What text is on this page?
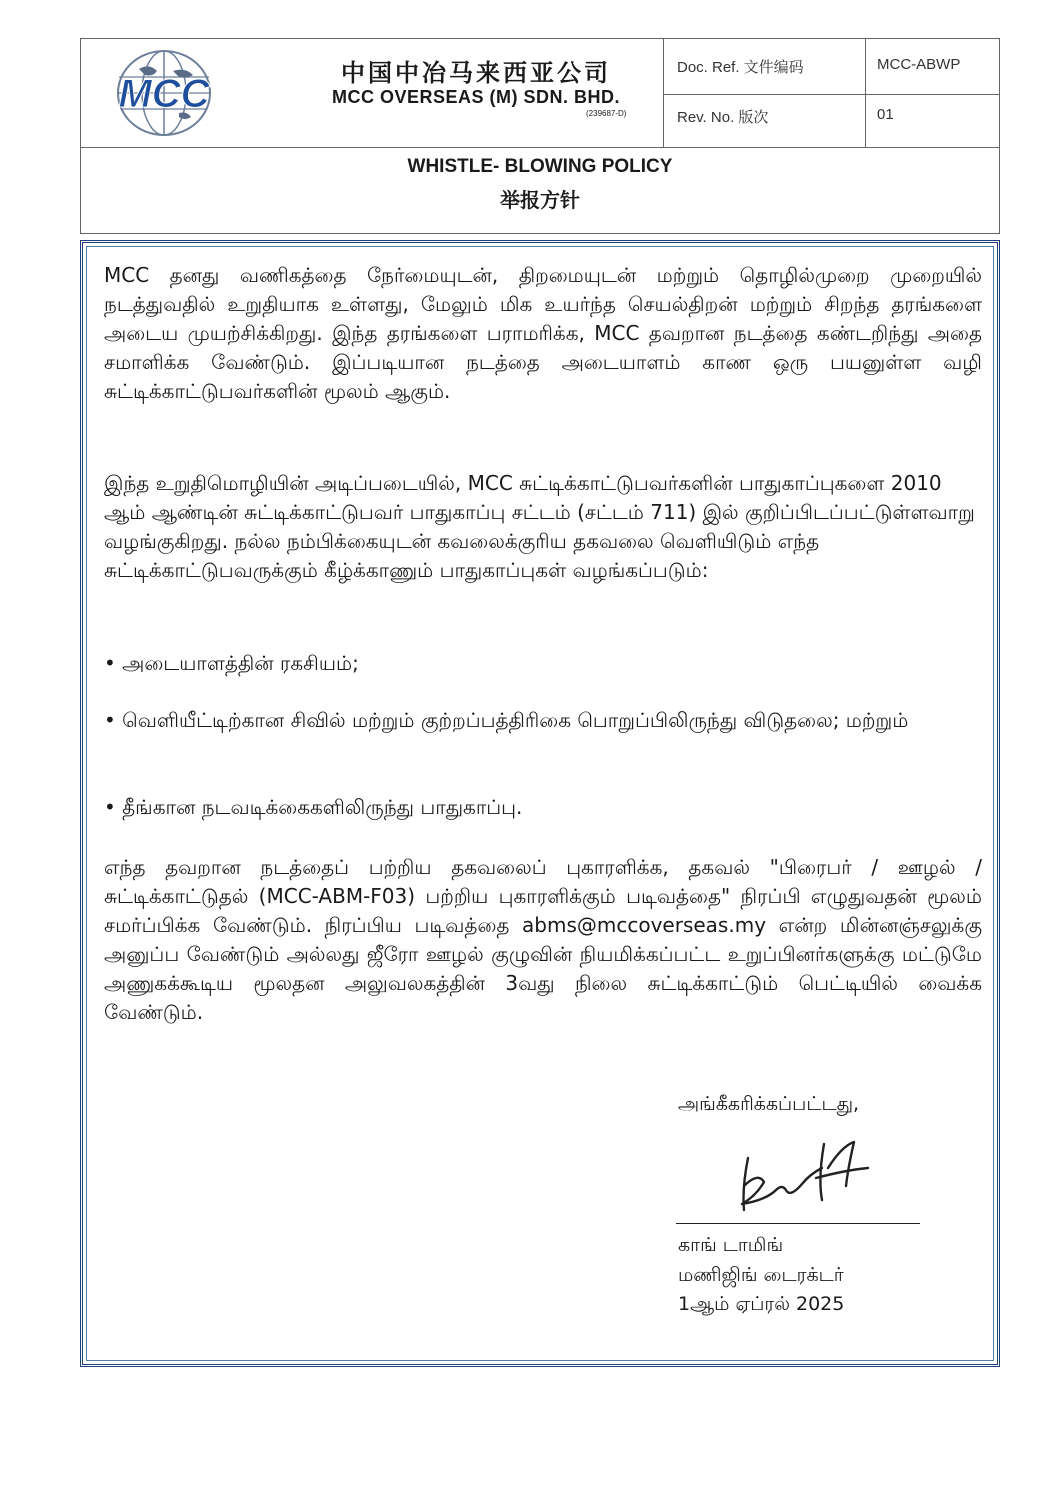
MCC	中国中冶马来西亚公司
MCC OVERSEAS (M) SDN. BHD.
(239687-D)
Doc. Ref. 文件编码	MCC-ABWP
Rev. No. 版次	01
WHISTLE- BLOWING POLICY
举报方针
MCC தனது வணிகத்தை நேர்மையுடன், திறமையுடன் மற்றும் தொழில்முறை முறையில் நடத்துவதில் உறுதியாக உள்ளது, மேலும் மிக உயர்ந்த செயல்திறன் மற்றும் சிறந்த தரங்களை அடைய முயற்சிக்கிறது. இந்த தரங்களை பராமரிக்க, MCC தவறான நடத்தை கண்டறிந்து அதை சமாளிக்க வேண்டும். இப்படியான நடத்தை அடையாளம் காண ஒரு பயனுள்ள வழி சுட்டிக்காட்டுபவர்களின் மூலம் ஆகும்.
இந்த உறுதிமொழியின் அடிப்படையில், MCC சுட்டிக்காட்டுபவர்களின் பாதுகாப்புகளை 2010 ஆம் ஆண்டின் சுட்டிக்காட்டுபவர் பாதுகாப்பு சட்டம் (சட்டம் 711) இல் குறிப்பிடப்பட்டுள்ளவாறு வழங்குகிறது. நல்ல நம்பிக்கையுடன் கவலைக்குரிய தகவலை வெளியிடும் எந்த சுட்டிக்காட்டுபவருக்கும் கீழ்க்காணும் பாதுகாப்புகள் வழங்கப்படும்:
• அடையாளத்தின் ரகசியம்;
• வெளியீட்டிற்கான சிவில் மற்றும் குற்றப்பத்திரிகை பொறுப்பிலிருந்து விடுதலை; மற்றும்
• தீங்கான நடவடிக்கைகளிலிருந்து பாதுகாப்பு.
எந்த தவறான நடத்தைப் பற்றிய தகவலைப் புகாரளிக்க, தகவல் "பிரைபர் / ஊழல் / சுட்டிக்காட்டுதல் (MCC-ABM-F03) பற்றிய புகாரளிக்கும் படிவத்தை" நிரப்பி எழுதுவதன் மூலம் சமர்ப்பிக்க வேண்டும். நிரப்பிய படிவத்தை abms@mccoverseas.my என்ற மின்னஞ்சலுக்கு அனுப்ப வேண்டும் அல்லது ஜீரோ ஊழல் குழுவின் நியமிக்கப்பட்ட உறுப்பினர்களுக்கு மட்டுமே அணுகக்கூடிய மூலதன அலுவலகத்தின் 3வது நிலை சுட்டிக்காட்டும் பெட்டியில் வைக்க வேண்டும்.
அங்கீகரிக்கப்பட்டது,
காங் டாமிங்
மணிஜிங் டைரக்டர்
1ஆம் ஏப்ரல் 2025
